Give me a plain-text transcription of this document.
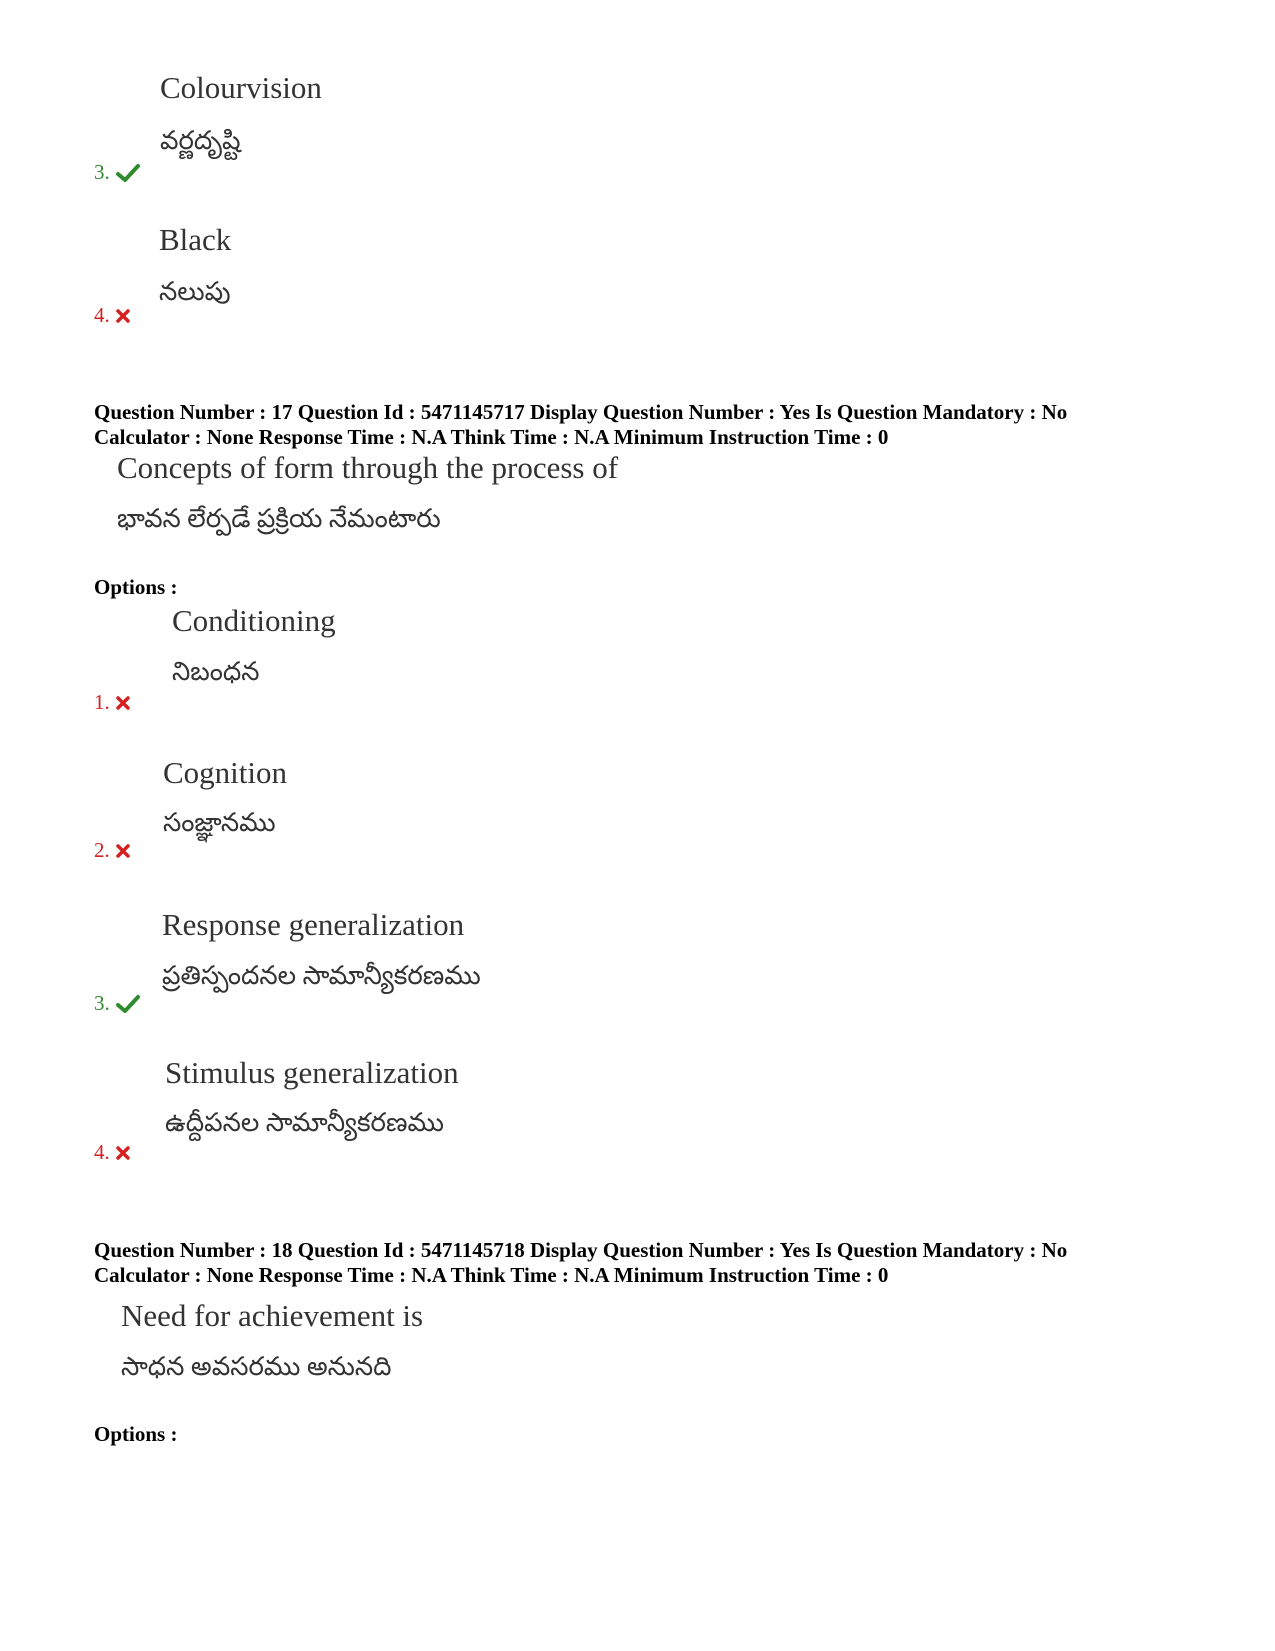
Colourvision
వర్ణదృష్టి
3.
Black
నలుపు
4.
Question Number : 17 Question Id : 5471145717 Display Question Number : Yes Is Question Mandatory : No
Calculator : None Response Time : N.A Think Time : N.A Minimum Instruction Time : 0
Concepts of form through the process of
భావన లేర్పడే ప్రక్రియ నేమంటారు
Options :
Conditioning
నిబంధన
1.
Cognition
సంజ్ఞానము
2.
Response generalization
ప్రతిస్పందనల సామాన్యీకరణము
3.
Stimulus generalization
ఉద్దీపనల సామాన్యీకరణము
4.
Question Number : 18 Question Id : 5471145718 Display Question Number : Yes Is Question Mandatory : No
Calculator : None Response Time : N.A Think Time : N.A Minimum Instruction Time : 0
Need for achievement is
సాధన అవసరము అనునది
Options :
